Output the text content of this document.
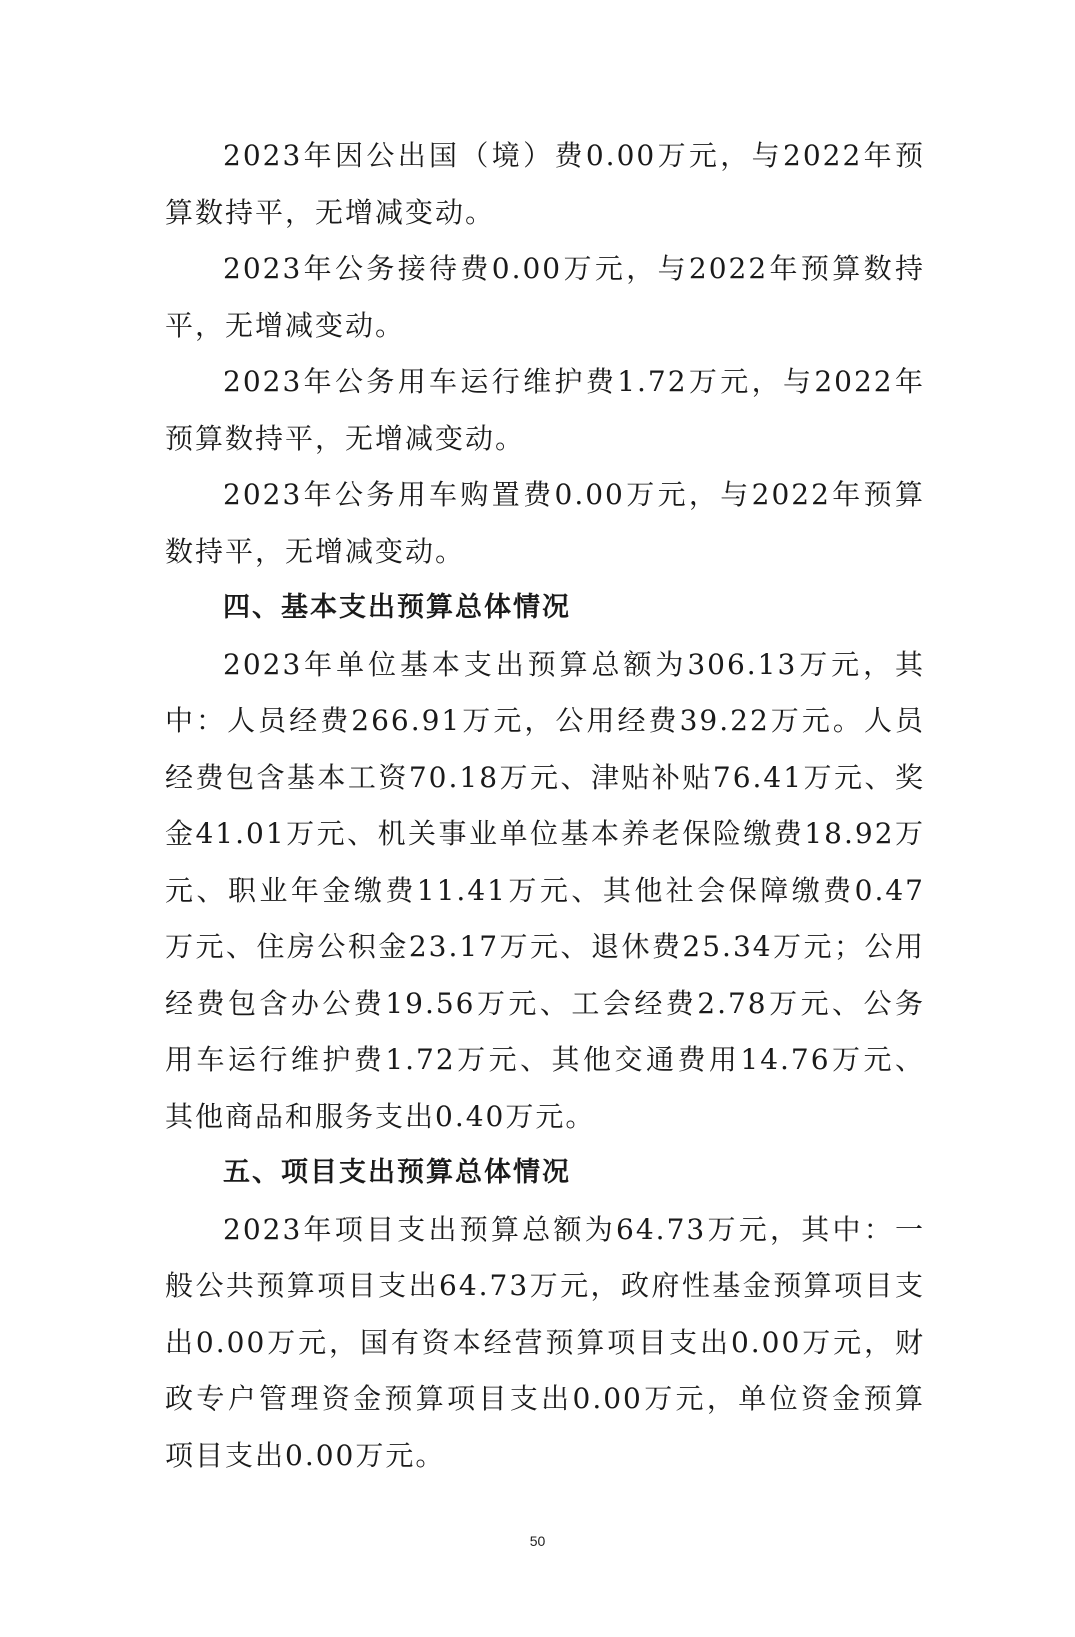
2023年因公出国（境）费0.00万元，与2022年预算数持平，无增减变动。

2023年公务接待费0.00万元，与2022年预算数持平，无增减变动。

2023年公务用车运行维护费1.72万元，与2022年预算数持平，无增减变动。

2023年公务用车购置费0.00万元，与2022年预算数持平，无增减变动。

四、基本支出预算总体情况

2023年单位基本支出预算总额为306.13万元，其中：人员经费266.91万元，公用经费39.22万元。人员经费包含基本工资70.18万元、津贴补贴76.41万元、奖金41.01万元、机关事业单位基本养老保险缴费18.92万元、职业年金缴费11.41万元、其他社会保障缴费0.47万元、住房公积金23.17万元、退休费25.34万元；公用经费包含办公费19.56万元、工会经费2.78万元、公务用车运行维护费1.72万元、其他交通费用14.76万元、其他商品和服务支出0.40万元。

五、项目支出预算总体情况

2023年项目支出预算总额为64.73万元，其中：一般公共预算项目支出64.73万元，政府性基金预算项目支出0.00万元，国有资本经营预算项目支出0.00万元，财政专户管理资金预算项目支出0.00万元，单位资金预算项目支出0.00万元。

50
